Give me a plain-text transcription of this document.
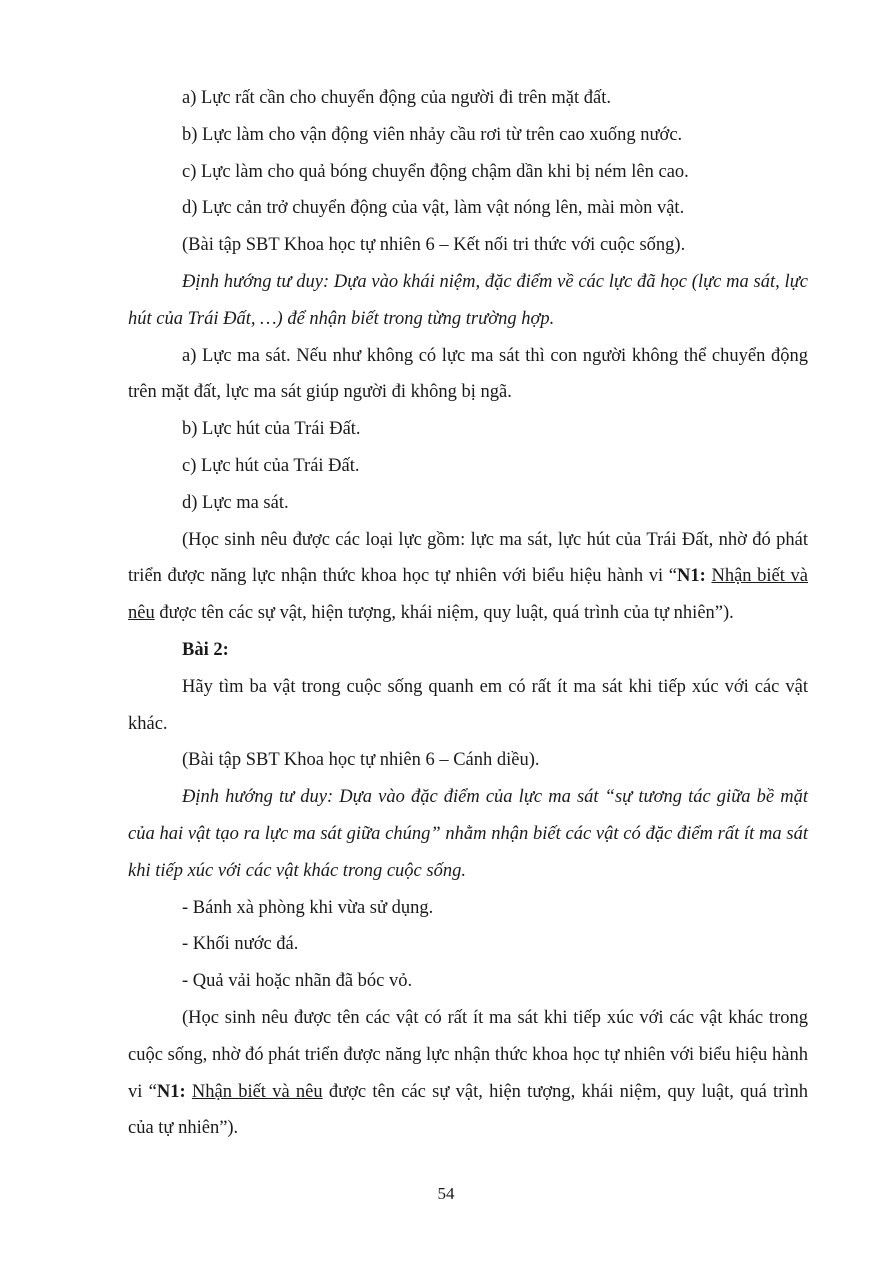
a) Lực rất cần cho chuyển động của người đi trên mặt đất.

b) Lực làm cho vận động viên nhảy cầu rơi từ trên cao xuống nước.

c) Lực làm cho quả bóng chuyển động chậm dần khi bị ném lên cao.

d) Lực cản trở chuyển động của vật, làm vật nóng lên, mài mòn vật.

(Bài tập SBT Khoa học tự nhiên 6 – Kết nối tri thức với cuộc sống).

Định hướng tư duy: Dựa vào khái niệm, đặc điểm về các lực đã học (lực ma sát, lực hút của Trái Đất, …) để nhận biết trong từng trường hợp.

a) Lực ma sát. Nếu như không có lực ma sát thì con người không thể chuyển động trên mặt đất, lực ma sát giúp người đi không bị ngã.

b) Lực hút của Trái Đất.

c) Lực hút của Trái Đất.

d) Lực ma sát.

(Học sinh nêu được các loại lực gồm: lực ma sát, lực hút của Trái Đất, nhờ đó phát triển được năng lực nhận thức khoa học tự nhiên với biểu hiệu hành vi “N1: Nhận biết và nêu được tên các sự vật, hiện tượng, khái niệm, quy luật, quá trình của tự nhiên”).

Bài 2:

Hãy tìm ba vật trong cuộc sống quanh em có rất ít ma sát khi tiếp xúc với các vật khác.

(Bài tập SBT Khoa học tự nhiên 6 – Cánh diều).

Định hướng tư duy: Dựa vào đặc điểm của lực ma sát “sự tương tác giữa bề mặt của hai vật tạo ra lực ma sát giữa chúng” nhằm nhận biết các vật có đặc điểm rất ít ma sát khi tiếp xúc với các vật khác trong cuộc sống.

- Bánh xà phòng khi vừa sử dụng.

- Khối nước đá.

- Quả vải hoặc nhãn đã bóc vỏ.

(Học sinh nêu được tên các vật có rất ít ma sát khi tiếp xúc với các vật khác trong cuộc sống, nhờ đó phát triển được năng lực nhận thức khoa học tự nhiên với biểu hiệu hành vi “N1: Nhận biết và nêu được tên các sự vật, hiện tượng, khái niệm, quy luật, quá trình của tự nhiên”).

54
